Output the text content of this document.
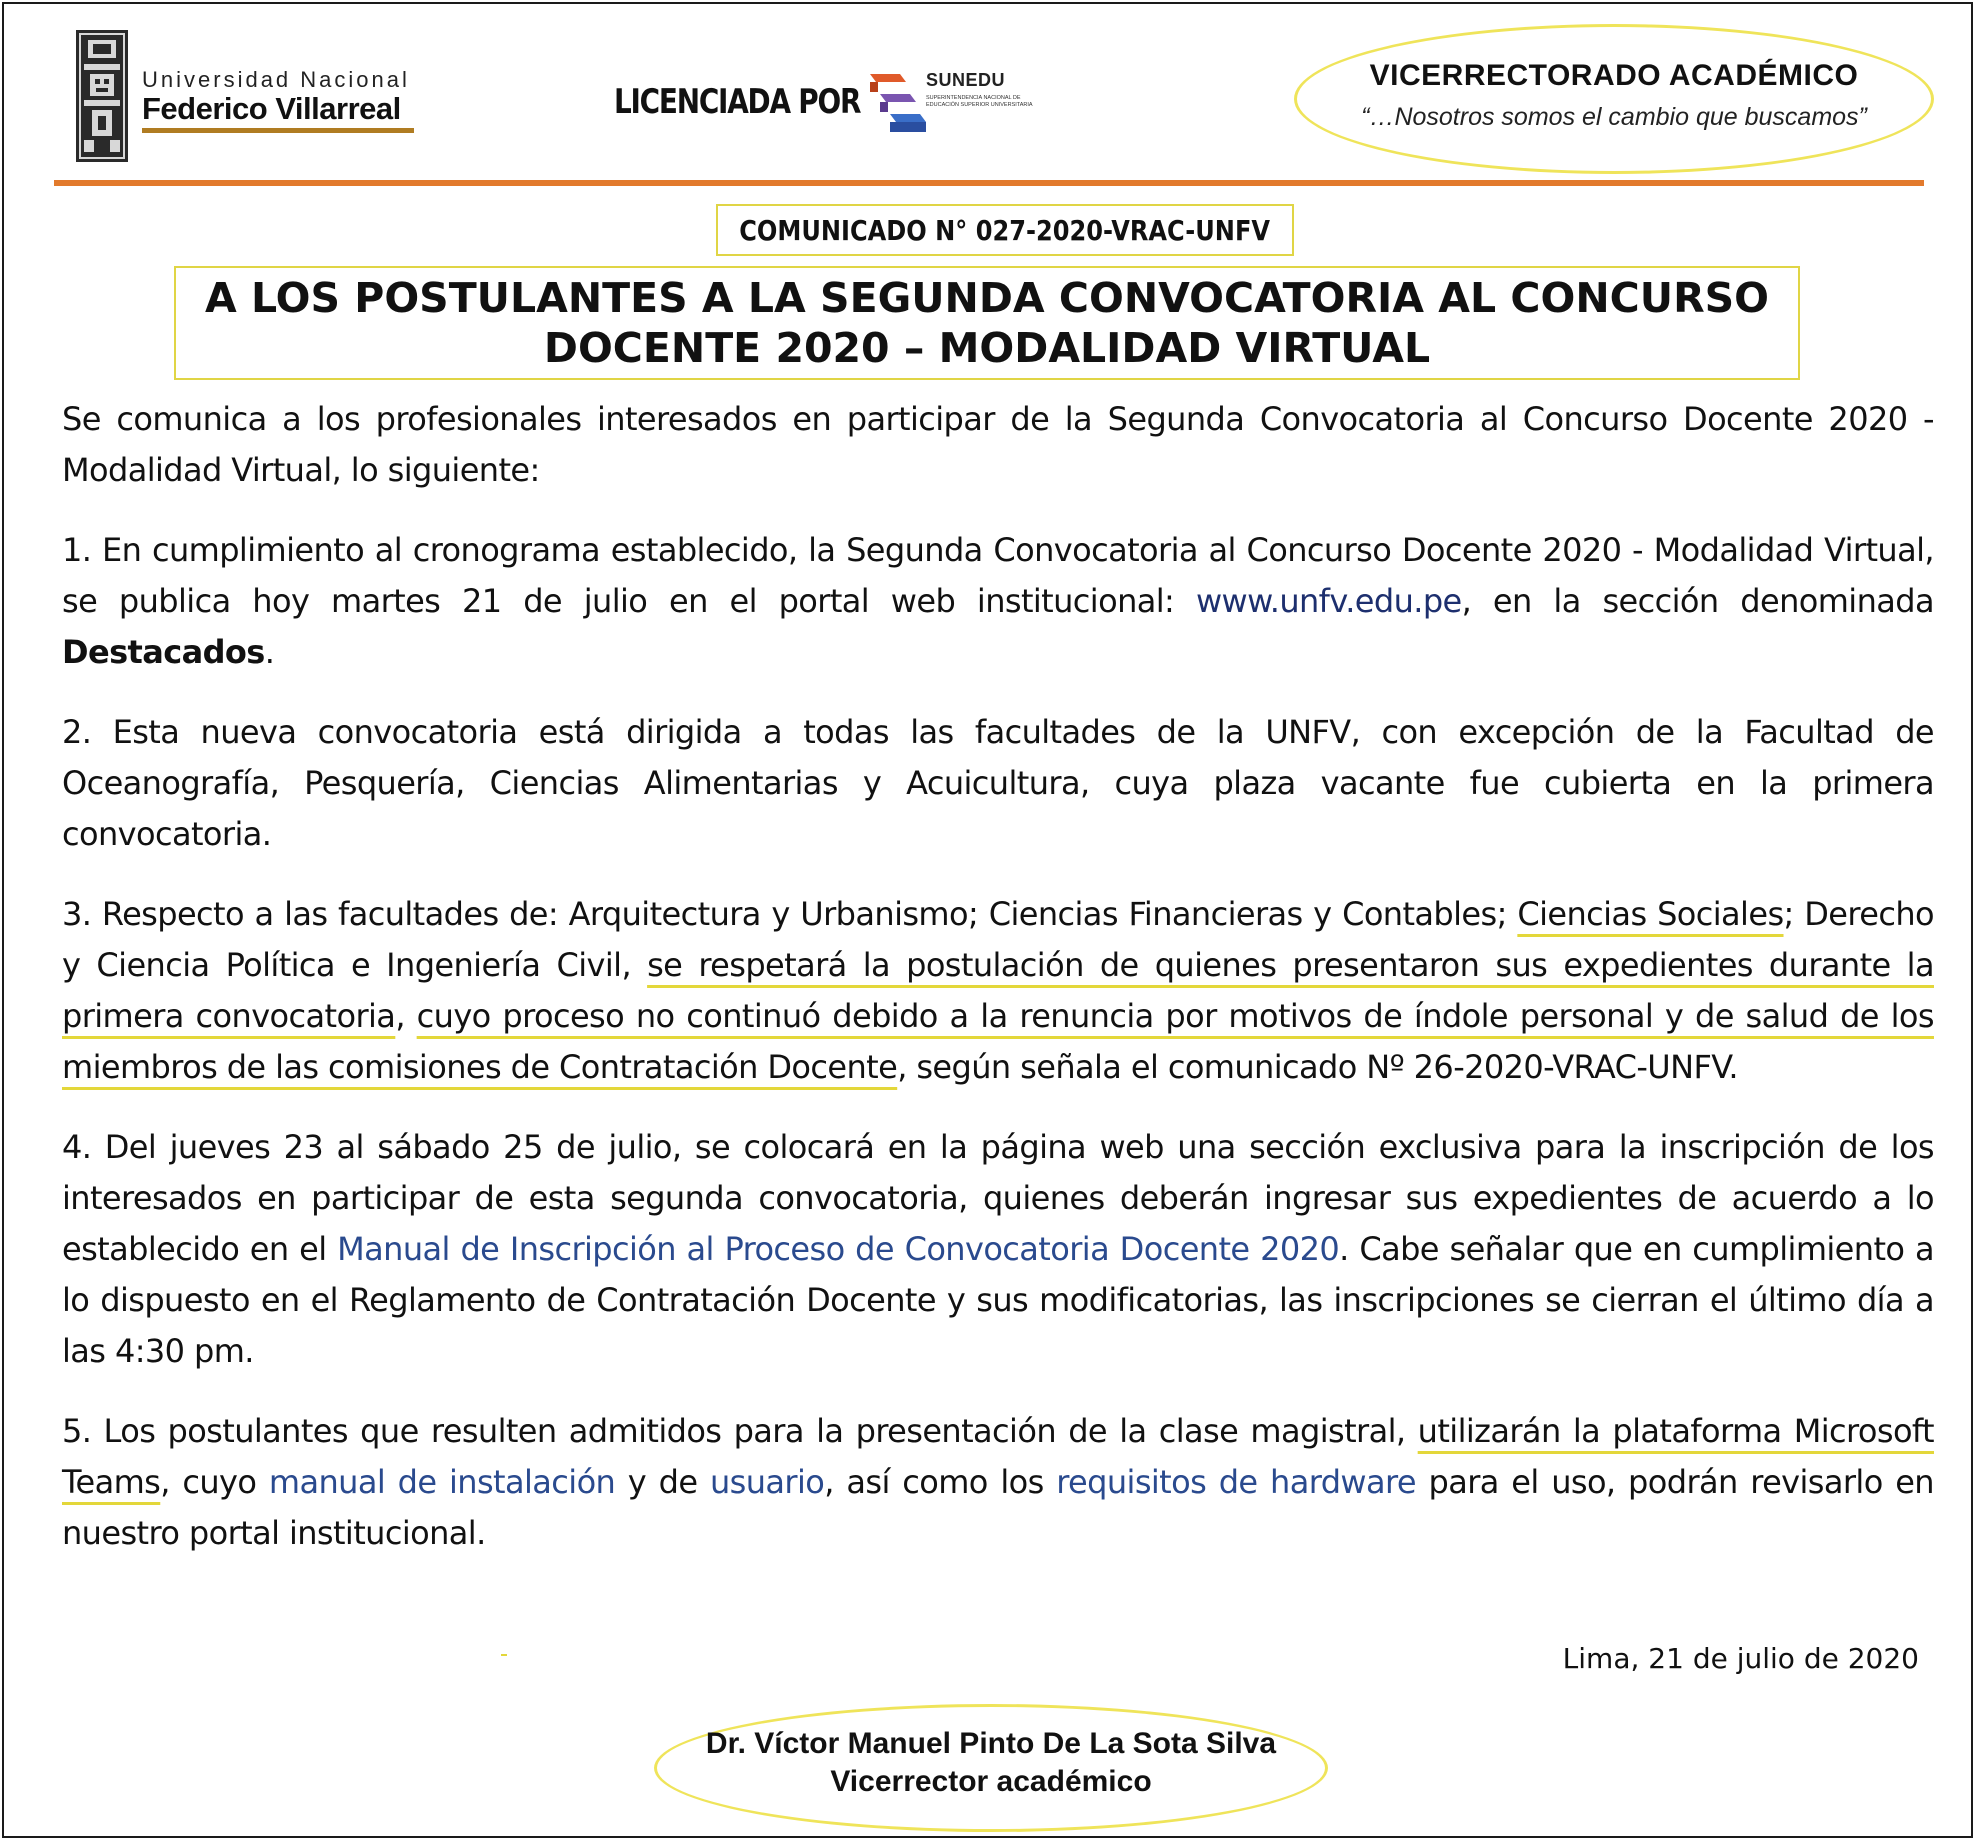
Universidad Nacional
Federico Villarreal	LICENCIADA POR
SUNEDU
SUPERINTENDENCIA NACIONAL DE EDUCACIÓN SUPERIOR UNIVERSITARIA
VICERRECTORADO ACADÉMICO
“…Nosotros somos el cambio que buscamos”
COMUNICADO N° 027-2020-VRAC-UNFV
A LOS POSTULANTES A LA SEGUNDA CONVOCATORIA AL CONCURSO
DOCENTE 2020 – MODALIDAD VIRTUAL

Se comunica a los profesionales interesados en participar de la Segunda Convocatoria al Concurso Docente 2020 - Modalidad Virtual, lo siguiente:

1. En cumplimiento al cronograma establecido, la Segunda Convocatoria al Concurso Docente 2020 - Modalidad Virtual, se publica hoy martes 21 de julio en el portal web institucional: www.unfv.edu.pe, en la sección denominada Destacados.

2. Esta nueva convocatoria está dirigida a todas las facultades de la UNFV, con excepción de la Facultad de Oceanografía, Pesquería, Ciencias Alimentarias y Acuicultura, cuya plaza vacante fue cubierta en la primera convocatoria.

3. Respecto a las facultades de: Arquitectura y Urbanismo; Ciencias Financieras y Contables; Ciencias Sociales; Derecho y Ciencia Política e Ingeniería Civil, se respetará la postulación de quienes presentaron sus expedientes durante la primera convocatoria, cuyo proceso no continuó debido a la renuncia por motivos de índole personal y de salud de los miembros de las comisiones de Contratación Docente, según señala el comunicado Nº 26-2020-VRAC-UNFV.

4. Del jueves 23 al sábado 25 de julio, se colocará en la página web una sección exclusiva para la inscripción de los interesados en participar de esta segunda convocatoria, quienes deberán ingresar sus expedientes de acuerdo a lo establecido en el Manual de Inscripción al Proceso de Convocatoria Docente 2020. Cabe señalar que en cumplimiento a lo dispuesto en el Reglamento de Contratación Docente y sus modificatorias, las inscripciones se cierran el último día a las 4:30 pm.

5. Los postulantes que resulten admitidos para la presentación de la clase magistral, utilizarán la plataforma Microsoft Teams, cuyo manual de instalación y de usuario, así como los requisitos de hardware para el uso, podrán revisarlo en nuestro portal institucional.

Lima, 21 de julio de 2020
Dr. Víctor Manuel Pinto De La Sota Silva
Vicerrector académico
